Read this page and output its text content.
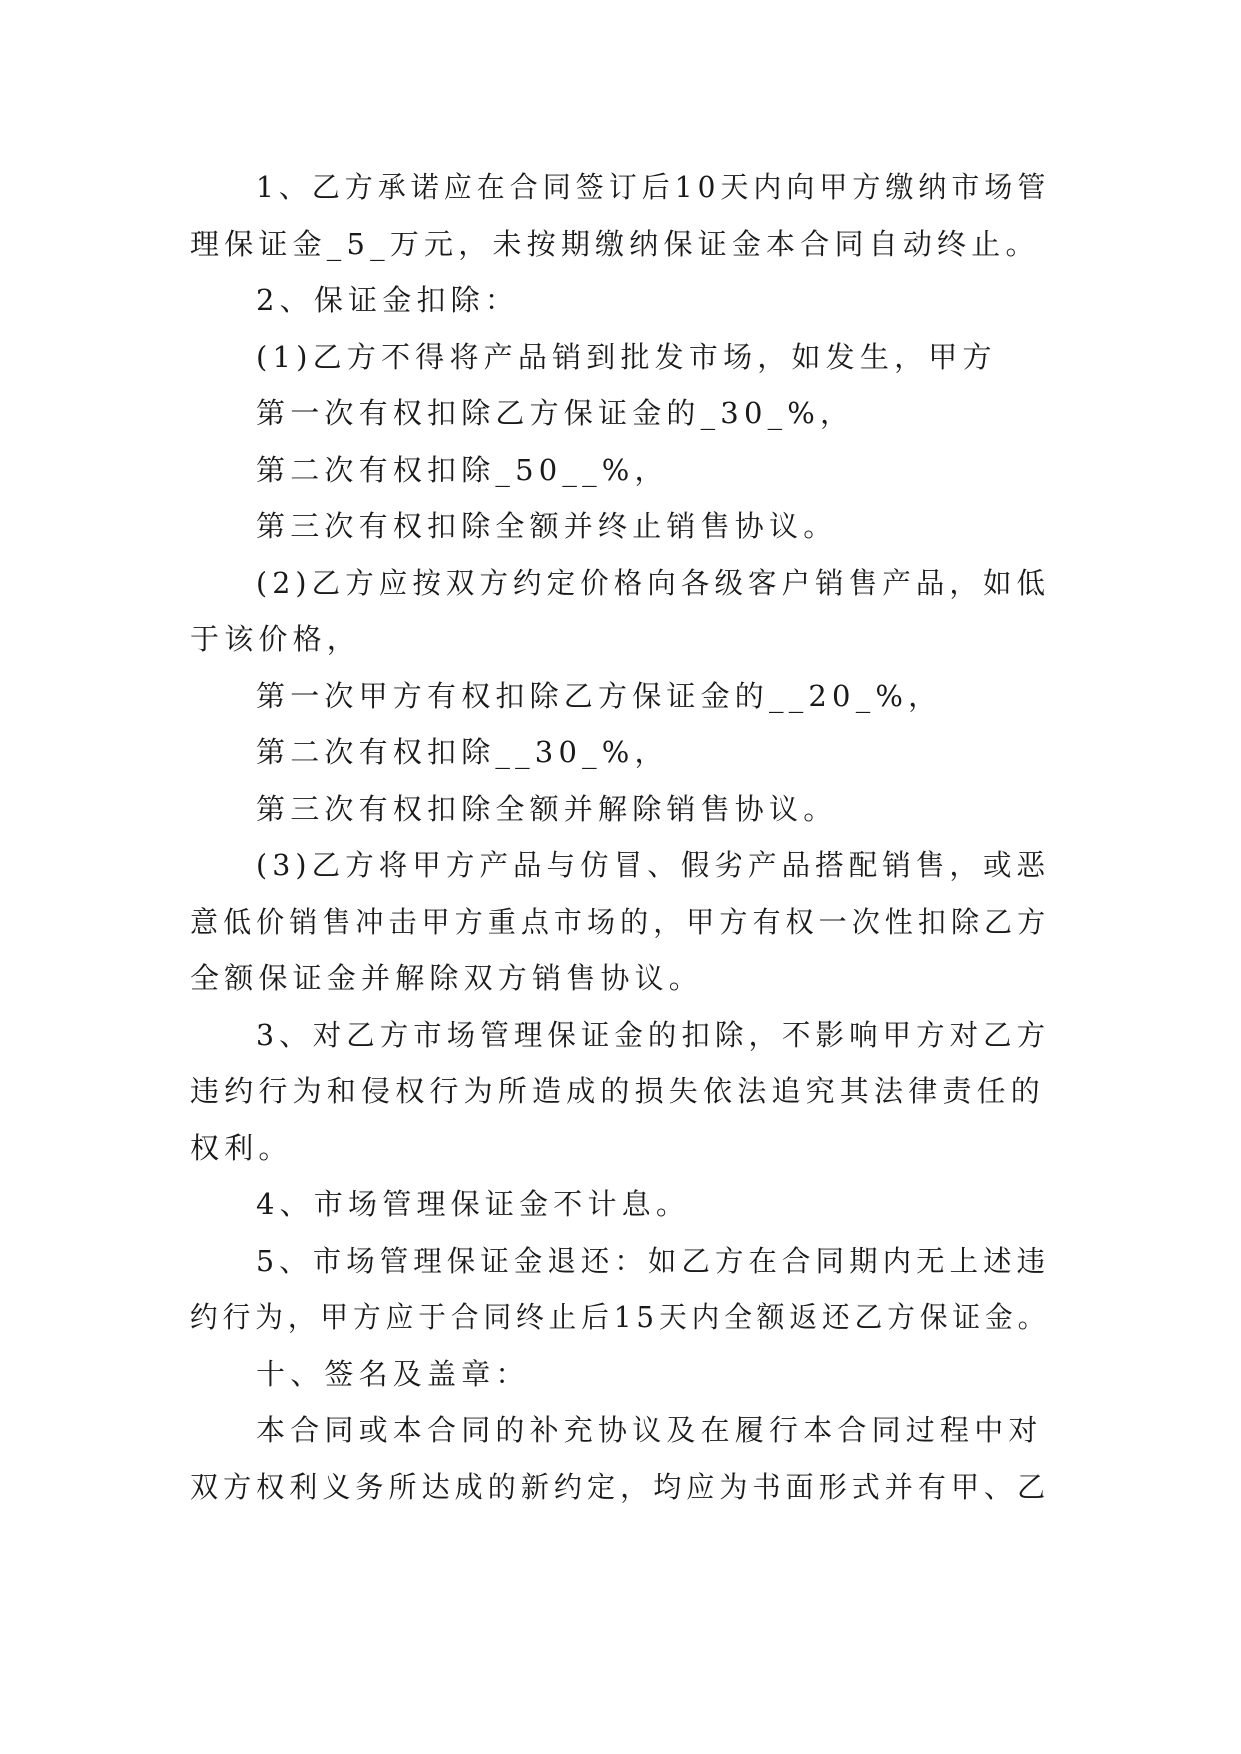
1、乙方承诺应在合同签订后10天内向甲方缴纳市场管
理保证金_5_万元，未按期缴纳保证金本合同自动终止。
2、保证金扣除：
(1)乙方不得将产品销到批发市场，如发生，甲方
第一次有权扣除乙方保证金的_30_%，
第二次有权扣除_50__%，
第三次有权扣除全额并终止销售协议。
(2)乙方应按双方约定价格向各级客户销售产品，如低
于该价格，
第一次甲方有权扣除乙方保证金的__20_%，
第二次有权扣除__30_%，
第三次有权扣除全额并解除销售协议。
(3)乙方将甲方产品与仿冒、假劣产品搭配销售，或恶
意低价销售冲击甲方重点市场的，甲方有权一次性扣除乙方
全额保证金并解除双方销售协议。
3、对乙方市场管理保证金的扣除，不影响甲方对乙方
违约行为和侵权行为所造成的损失依法追究其法律责任的
权利。
4、市场管理保证金不计息。
5、市场管理保证金退还：如乙方在合同期内无上述违
约行为，甲方应于合同终止后15天内全额返还乙方保证金。
十、签名及盖章：
本合同或本合同的补充协议及在履行本合同过程中对
双方权利义务所达成的新约定，均应为书面形式并有甲、乙
